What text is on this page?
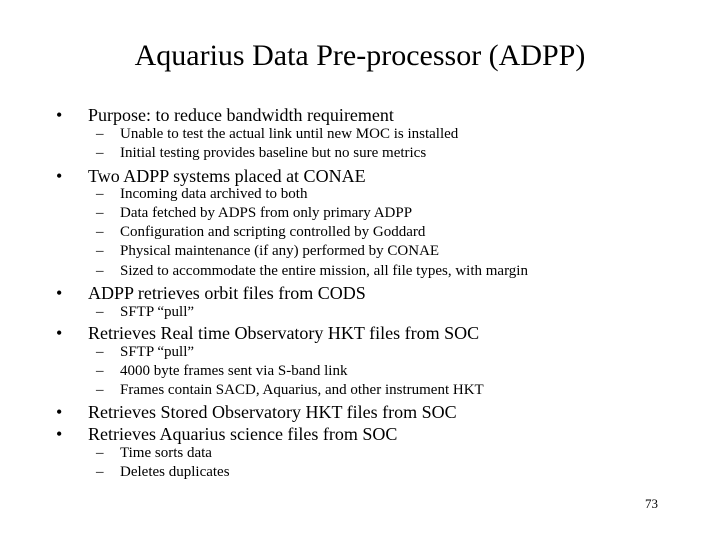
Aquarius Data Pre-processor (ADPP)
•	Purpose: to reduce bandwidth requirement
–	Unable to test the actual link until new MOC is installed
–	Initial testing provides baseline but no sure metrics
•	Two ADPP systems placed at CONAE
–	Incoming data archived to both
–	Data fetched by ADPS from only primary ADPP
–	Configuration and scripting controlled by Goddard
–	Physical maintenance (if any) performed by CONAE
–	Sized to accommodate the entire mission, all file types, with margin
•	ADPP retrieves orbit files from CODS
–	SFTP “pull”
•	Retrieves Real time Observatory HKT files from SOC
–	SFTP “pull”
–	4000 byte frames sent via S-band link
–	Frames contain SACD, Aquarius, and other instrument HKT
•	Retrieves Stored Observatory HKT files from SOC
•	Retrieves Aquarius science files from SOC
–	Time sorts data
–	Deletes duplicates
73
